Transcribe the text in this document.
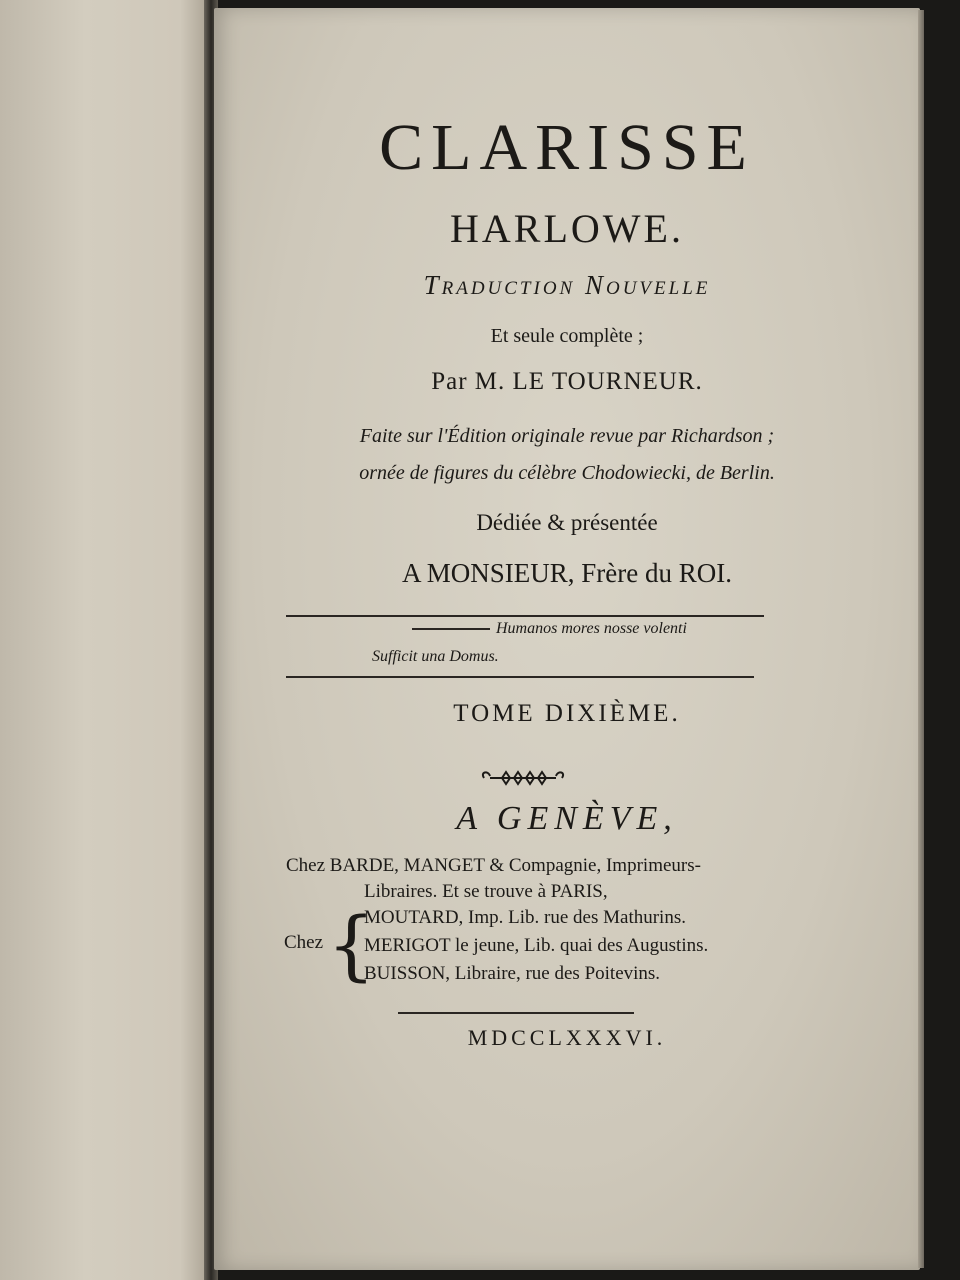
CLARISSE
HARLOWE.
Traduction Nouvelle
Et seule complète ;
Par M. LE TOURNEUR.
Faite sur l'Édition originale revue par Richardson ;
ornée de figures du célèbre Chodowiecki, de Berlin.
Dédiée & présentée
A MONSIEUR, Frère du ROI.
Humanos mores nosse volenti
Sufficit una Domus.
TOME DIXIÈME.
A GENÈVE,
Chez BARDE, MANGET & Compagnie, Imprimeurs-
Libraires. Et se trouve à PARIS,
Chez {
MOUTARD, Imp. Lib. rue des Mathurins.
MERIGOT le jeune, Lib. quai des Augustins.
BUISSON, Libraire, rue des Poitevins.
MDCCLXXXVI.
